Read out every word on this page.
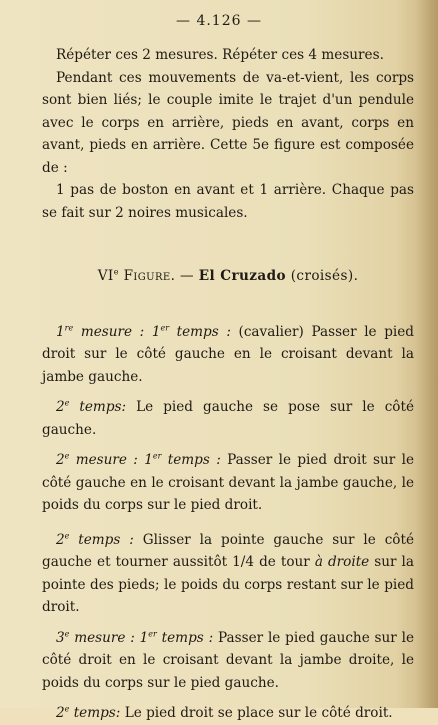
— 4.126 —

Répéter ces 2 mesures. Répéter ces 4 mesures.

Pendant ces mouvements de va-et-vient, les corps sont bien liés; le couple imite le trajet d'un pendule avec le corps en arrière, pieds en avant, corps en avant, pieds en arrière. Cette 5e figure est composée de :

1 pas de boston en avant et 1 arrière. Chaque pas se fait sur 2 noires musicales.

VIe Figure. — El Cruzado (croisés).

1re mesure : 1er temps : (cavalier) Passer le pied droit sur le côté gauche en le croisant devant la jambe gauche.

2e temps: Le pied gauche se pose sur le côté gauche.

2e mesure : 1er temps : Passer le pied droit sur le côté gauche en le croisant devant la jambe gauche, le poids du corps sur le pied droit.

2e temps : Glisser la pointe gauche sur le côté gauche et tourner aussitôt 1/4 de tour à droite sur la pointe des pieds; le poids du corps restant sur le pied droit.

3e mesure : 1er temps : Passer le pied gauche sur le côté droit en le croisant devant la jambe droite, le poids du corps sur le pied gauche.

2e temps: Le pied droit se place sur le côté droit.
